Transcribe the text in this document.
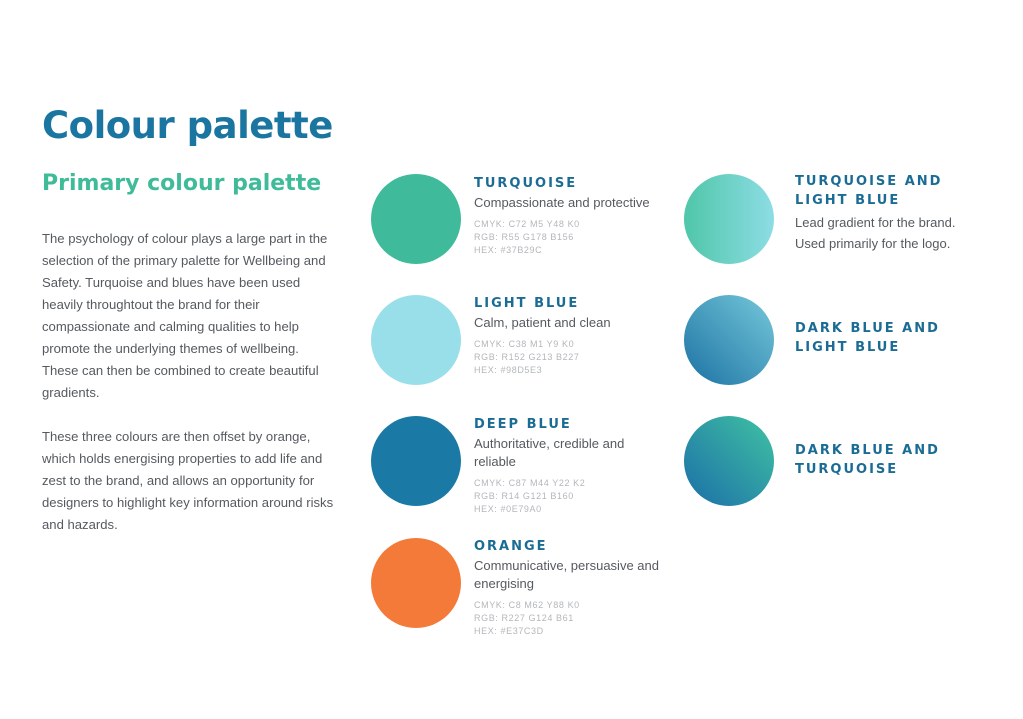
Colour palette
Primary colour palette

The psychology of colour plays a large part in the selection of the primary palette for Wellbeing and Safety. Turquoise and blues have been used heavily throughtout the brand for their compassionate and calming qualities to help promote the underlying themes of wellbeing. These can then be combined to create beautiful gradients.

These three colours are then offset by orange, which holds energising properties to add life and zest to the brand, and allows an opportunity for designers to highlight key information around risks and hazards.

TURQUOISE
Compassionate and protective
CMYK: C72 M5 Y48 K0
RGB: R55 G178 B156
HEX: #37B29C
LIGHT BLUE
Calm, patient and clean
CMYK: C38 M1 Y9 K0
RGB: R152 G213 B227
HEX: #98D5E3
DEEP BLUE
Authoritative, credible and reliable
CMYK: C87 M44 Y22 K2
RGB: R14 G121 B160
HEX: #0E79A0
ORANGE
Communicative, persuasive and energising
CMYK: C8 M62 Y88 K0
RGB: R227 G124 B61
HEX: #E37C3D
TURQUOISE AND LIGHT BLUE
Lead gradient for the brand.
Used primarily for the logo.
DARK BLUE AND LIGHT BLUE
DARK BLUE AND TURQUOISE
